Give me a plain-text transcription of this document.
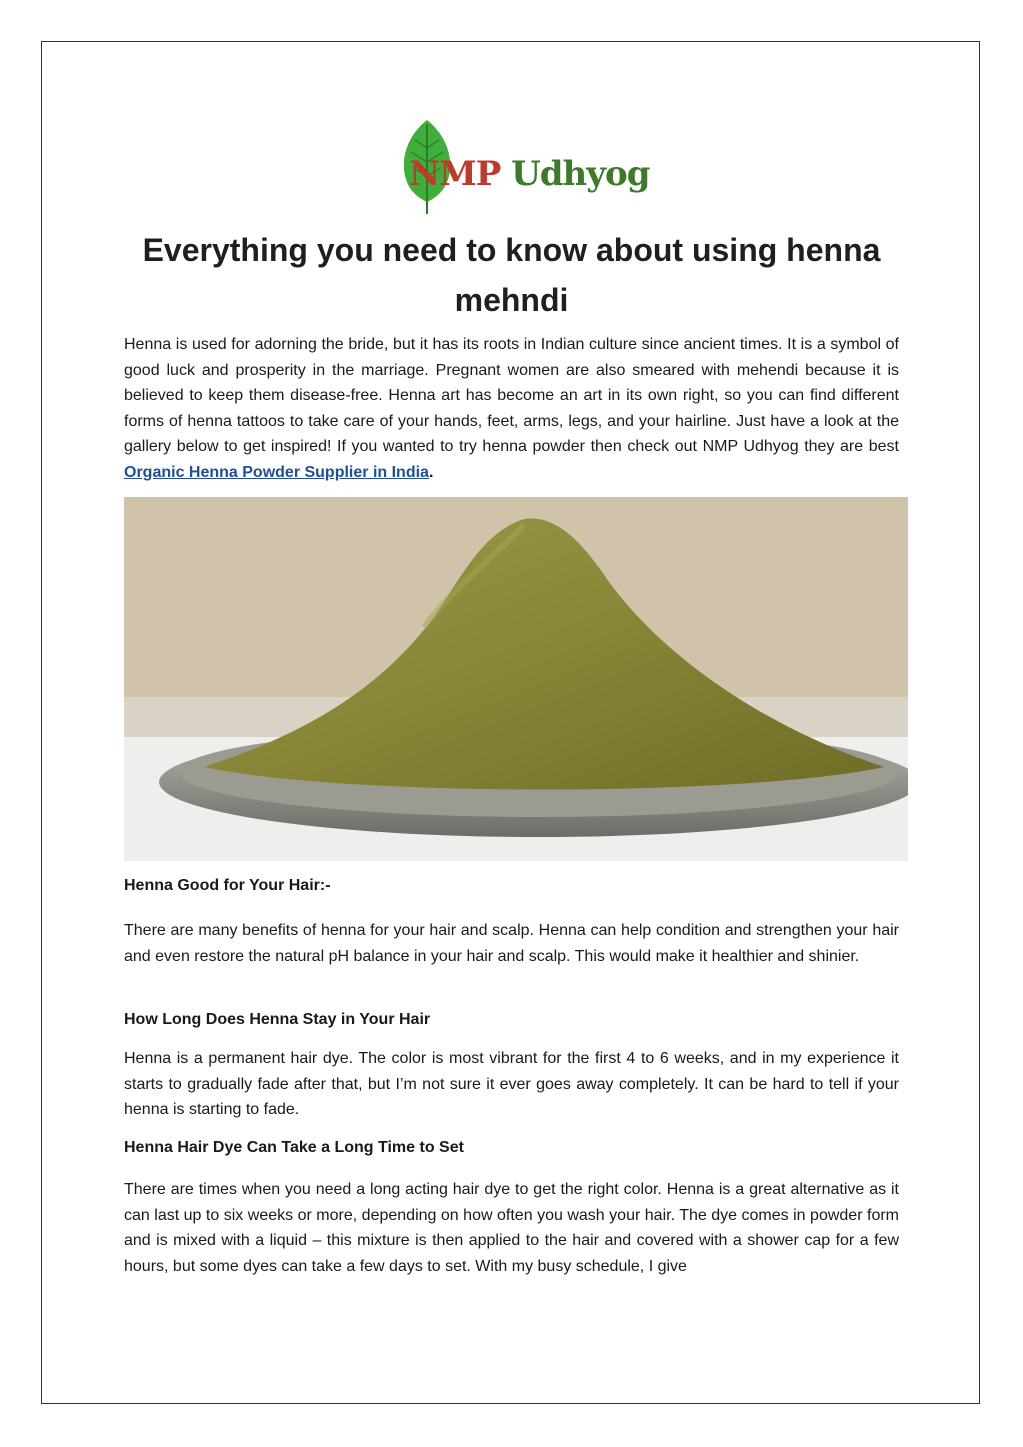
NMP Udhyog
Everything you need to know about using henna mehndi

Henna is used for adorning the bride, but it has its roots in Indian culture since ancient times. It is a symbol of good luck and prosperity in the marriage. Pregnant women are also smeared with mehendi because it is believed to keep them disease-free. Henna art has become an art in its own right, so you can find different forms of henna tattoos to take care of your hands, feet, arms, legs, and your hairline. Just have a look at the gallery below to get inspired! If you wanted to try henna powder then check out NMP Udhyog they are best Organic Henna Powder Supplier in India.

Henna Good for Your Hair:-

There are many benefits of henna for your hair and scalp. Henna can help condition and strengthen your hair and even restore the natural pH balance in your hair and scalp. This would make it healthier and shinier.

How Long Does Henna Stay in Your Hair

Henna is a permanent hair dye. The color is most vibrant for the first 4 to 6 weeks, and in my experience it starts to gradually fade after that, but I’m not sure it ever goes away completely. It can be hard to tell if your henna is starting to fade.

Henna Hair Dye Can Take a Long Time to Set

There are times when you need a long acting hair dye to get the right color. Henna is a great alternative as it can last up to six weeks or more, depending on how often you wash your hair. The dye comes in powder form and is mixed with a liquid – this mixture is then applied to the hair and covered with a shower cap for a few hours, but some dyes can take a few days to set. With my busy schedule, I give
